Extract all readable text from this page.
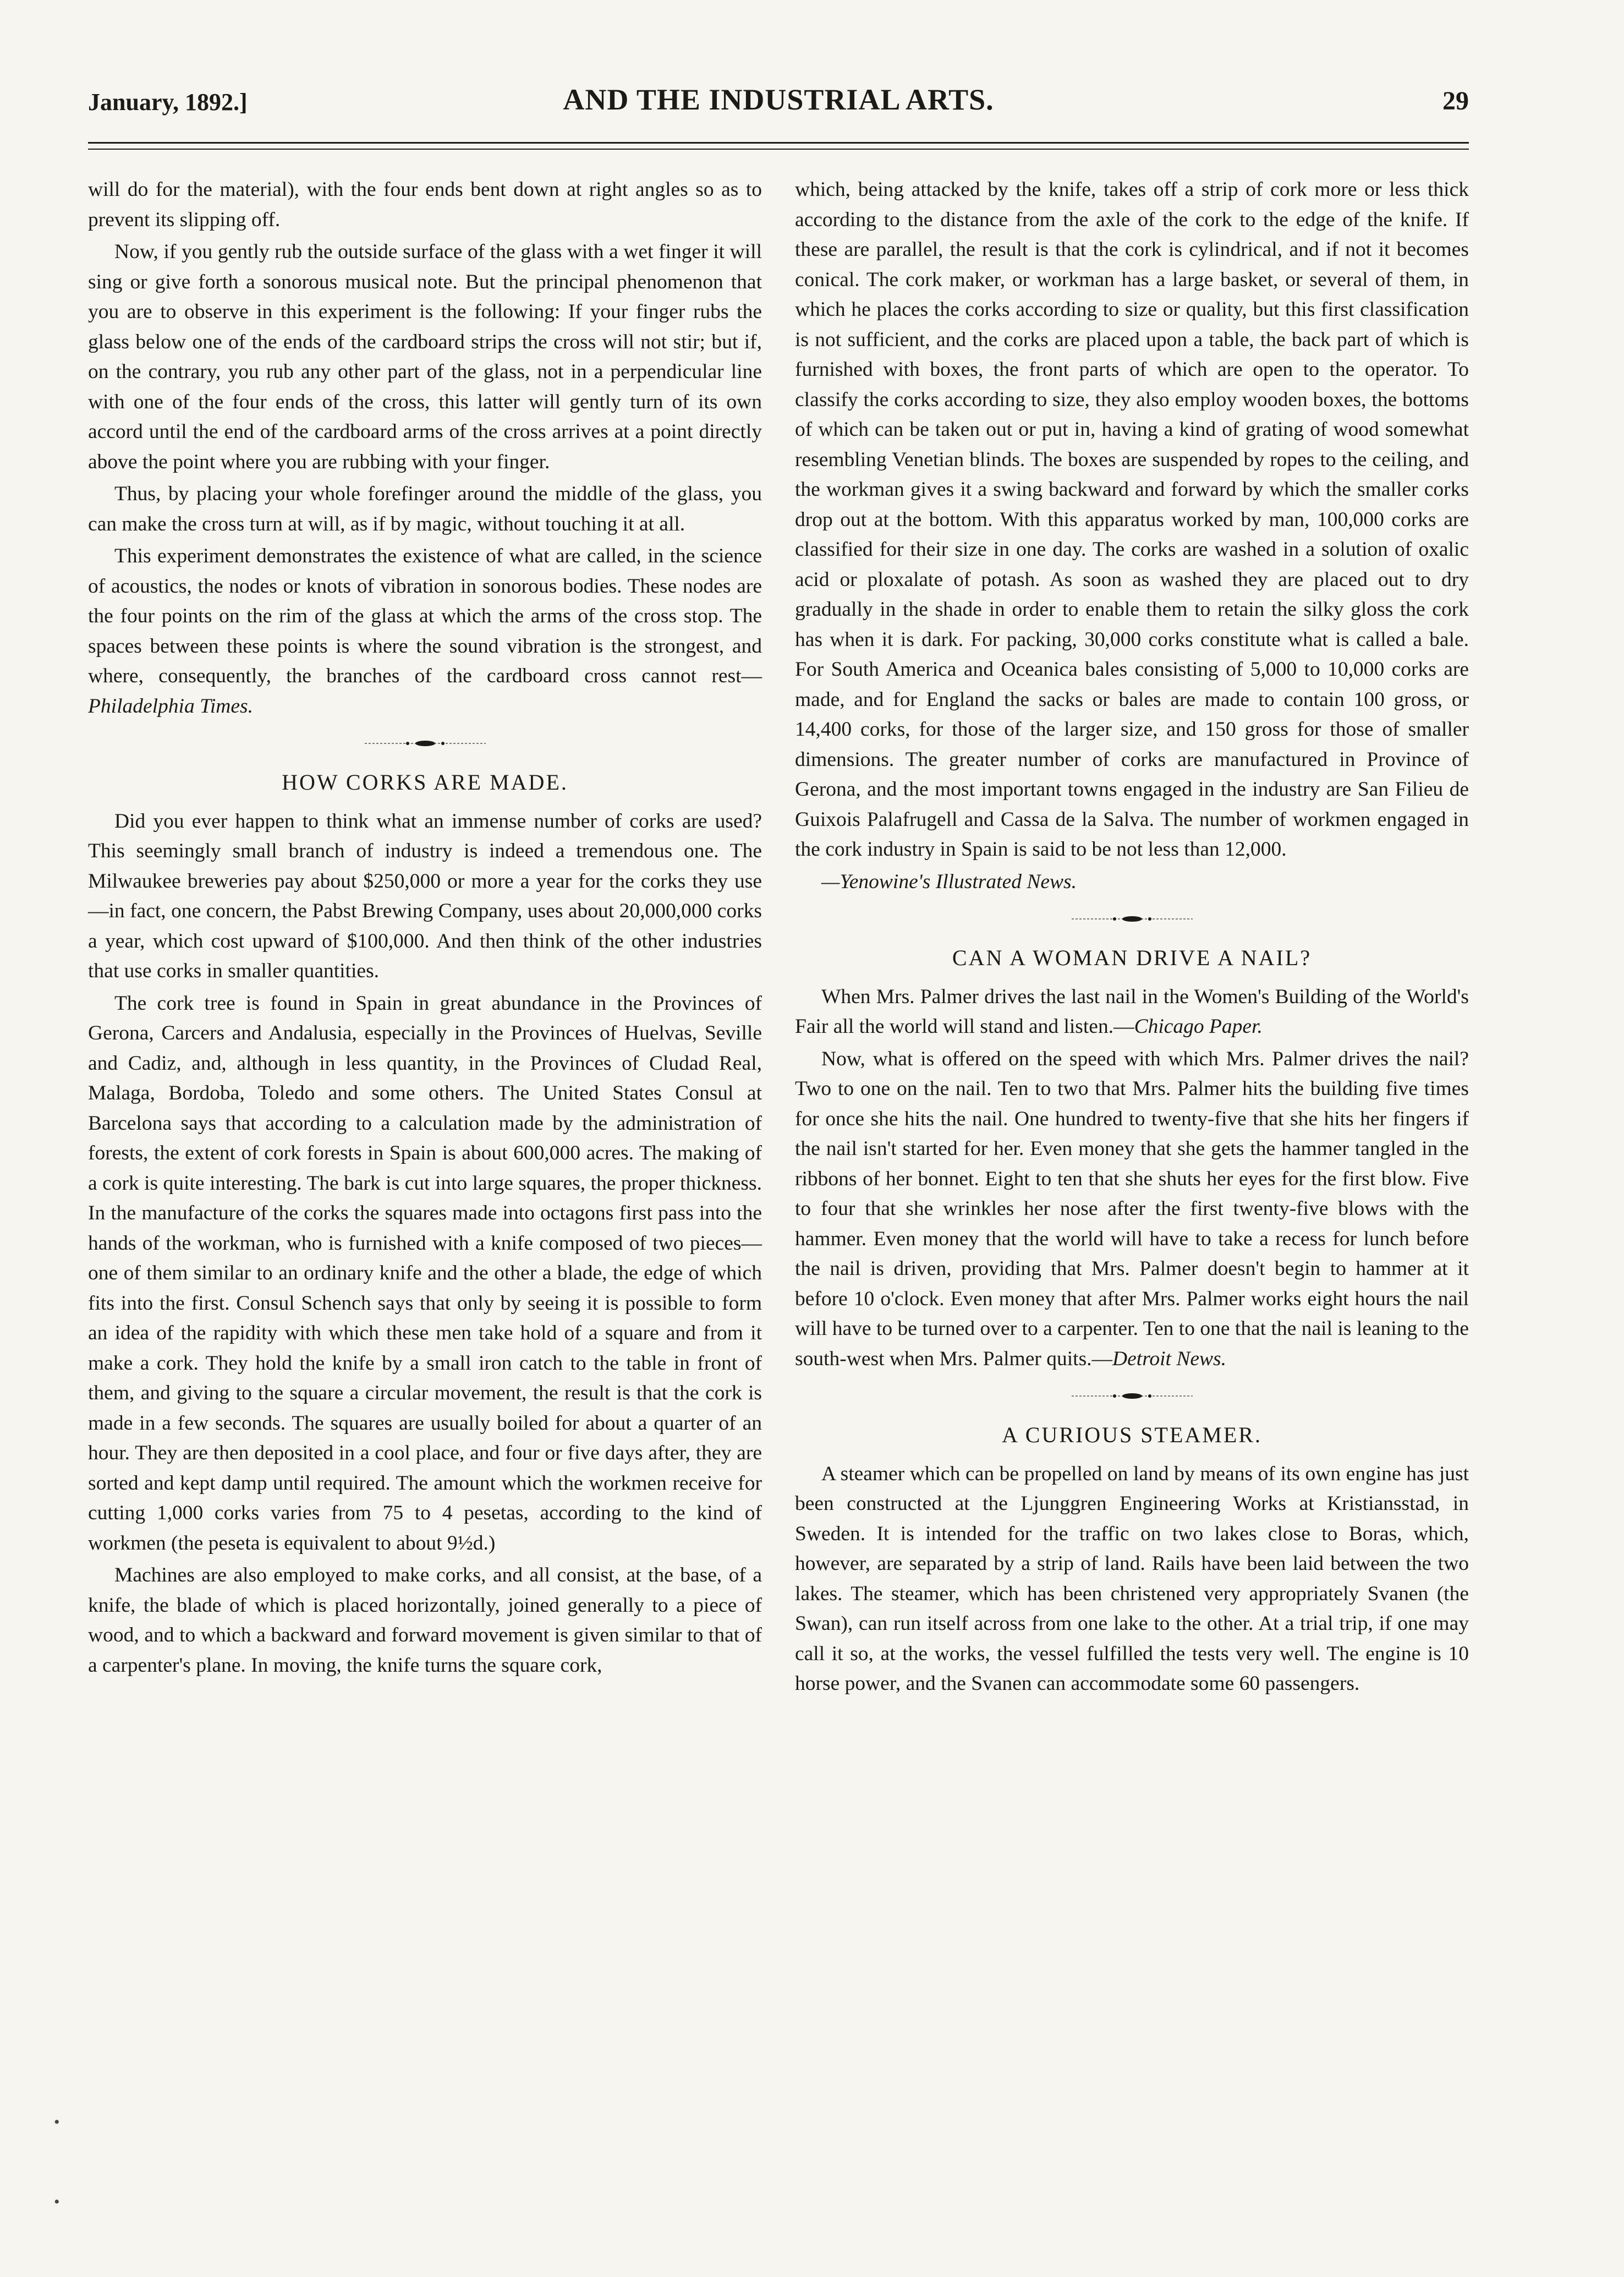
January, 1892.]	AND THE INDUSTRIAL ARTS.	29

will do for the material), with the four ends bent down at right angles so as to prevent its slipping off.

Now, if you gently rub the outside surface of the glass with a wet finger it will sing or give forth a sonorous musical note. But the principal phenomenon that you are to observe in this experiment is the following: If your finger rubs the glass below one of the ends of the cardboard strips the cross will not stir; but if, on the contrary, you rub any other part of the glass, not in a perpendicular line with one of the four ends of the cross, this latter will gently turn of its own accord until the end of the cardboard arms of the cross arrives at a point directly above the point where you are rubbing with your finger.

Thus, by placing your whole forefinger around the middle of the glass, you can make the cross turn at will, as if by magic, without touching it at all.

This experiment demonstrates the existence of what are called, in the science of acoustics, the nodes or knots of vibration in sonorous bodies. These nodes are the four points on the rim of the glass at which the arms of the cross stop. The spaces between these points is where the sound vibration is the strongest, and where, consequently, the branches of the cardboard cross cannot rest—Philadelphia Times.

HOW CORKS ARE MADE.

Did you ever happen to think what an immense number of corks are used? This seemingly small branch of industry is indeed a tremendous one. The Milwaukee breweries pay about $250,000 or more a year for the corks they use—in fact, one concern, the Pabst Brewing Company, uses about 20,000,000 corks a year, which cost upward of $100,000. And then think of the other industries that use corks in smaller quantities.

The cork tree is found in Spain in great abundance in the Provinces of Gerona, Carcers and Andalusia, especially in the Provinces of Huelvas, Seville and Cadiz, and, although in less quantity, in the Provinces of Cludad Real, Malaga, Bordoba, Toledo and some others. The United States Consul at Barcelona says that according to a calculation made by the administration of forests, the extent of cork forests in Spain is about 600,000 acres. The making of a cork is quite interesting. The bark is cut into large squares, the proper thickness. In the manufacture of the corks the squares made into octagons first pass into the hands of the workman, who is furnished with a knife composed of two pieces—one of them similar to an ordinary knife and the other a blade, the edge of which fits into the first. Consul Schench says that only by seeing it is possible to form an idea of the rapidity with which these men take hold of a square and from it make a cork. They hold the knife by a small iron catch to the table in front of them, and giving to the square a circular movement, the result is that the cork is made in a few seconds. The squares are usually boiled for about a quarter of an hour. They are then deposited in a cool place, and four or five days after, they are sorted and kept damp until required. The amount which the workmen receive for cutting 1,000 corks varies from 75 to 4 pesetas, according to the kind of workmen (the peseta is equivalent to about 9½d.)

Machines are also employed to make corks, and all consist, at the base, of a knife, the blade of which is placed horizontally, joined generally to a piece of wood, and to which a backward and forward movement is given similar to that of a carpenter's plane. In moving, the knife turns the square cork,

which, being attacked by the knife, takes off a strip of cork more or less thick according to the distance from the axle of the cork to the edge of the knife. If these are parallel, the result is that the cork is cylindrical, and if not it becomes conical. The cork maker, or workman has a large basket, or several of them, in which he places the corks according to size or quality, but this first classification is not sufficient, and the corks are placed upon a table, the back part of which is furnished with boxes, the front parts of which are open to the operator. To classify the corks according to size, they also employ wooden boxes, the bottoms of which can be taken out or put in, having a kind of grating of wood somewhat resembling Venetian blinds. The boxes are suspended by ropes to the ceiling, and the workman gives it a swing backward and forward by which the smaller corks drop out at the bottom. With this apparatus worked by man, 100,000 corks are classified for their size in one day. The corks are washed in a solution of oxalic acid or ploxalate of potash. As soon as washed they are placed out to dry gradually in the shade in order to enable them to retain the silky gloss the cork has when it is dark. For packing, 30,000 corks constitute what is called a bale. For South America and Oceanica bales consisting of 5,000 to 10,000 corks are made, and for England the sacks or bales are made to contain 100 gross, or 14,400 corks, for those of the larger size, and 150 gross for those of smaller dimensions. The greater number of corks are manufactured in Province of Gerona, and the most important towns engaged in the industry are San Filieu de Guixois Palafrugell and Cassa de la Salva. The number of workmen engaged in the cork industry in Spain is said to be not less than 12,000.

—Yenowine's Illustrated News.

CAN A WOMAN DRIVE A NAIL?

When Mrs. Palmer drives the last nail in the Women's Building of the World's Fair all the world will stand and listen.—Chicago Paper.

Now, what is offered on the speed with which Mrs. Palmer drives the nail? Two to one on the nail. Ten to two that Mrs. Palmer hits the building five times for once she hits the nail. One hundred to twenty-five that she hits her fingers if the nail isn't started for her. Even money that she gets the hammer tangled in the ribbons of her bonnet. Eight to ten that she shuts her eyes for the first blow. Five to four that she wrinkles her nose after the first twenty-five blows with the hammer. Even money that the world will have to take a recess for lunch before the nail is driven, providing that Mrs. Palmer doesn't begin to hammer at it before 10 o'clock. Even money that after Mrs. Palmer works eight hours the nail will have to be turned over to a carpenter. Ten to one that the nail is leaning to the south-west when Mrs. Palmer quits.—Detroit News.

A CURIOUS STEAMER.

A steamer which can be propelled on land by means of its own engine has just been constructed at the Ljunggren Engineering Works at Kristiansstad, in Sweden. It is intended for the traffic on two lakes close to Boras, which, however, are separated by a strip of land. Rails have been laid between the two lakes. The steamer, which has been christened very appropriately Svanen (the Swan), can run itself across from one lake to the other. At a trial trip, if one may call it so, at the works, the vessel fulfilled the tests very well. The engine is 10 horse power, and the Svanen can accommodate some 60 passengers.

•
•
